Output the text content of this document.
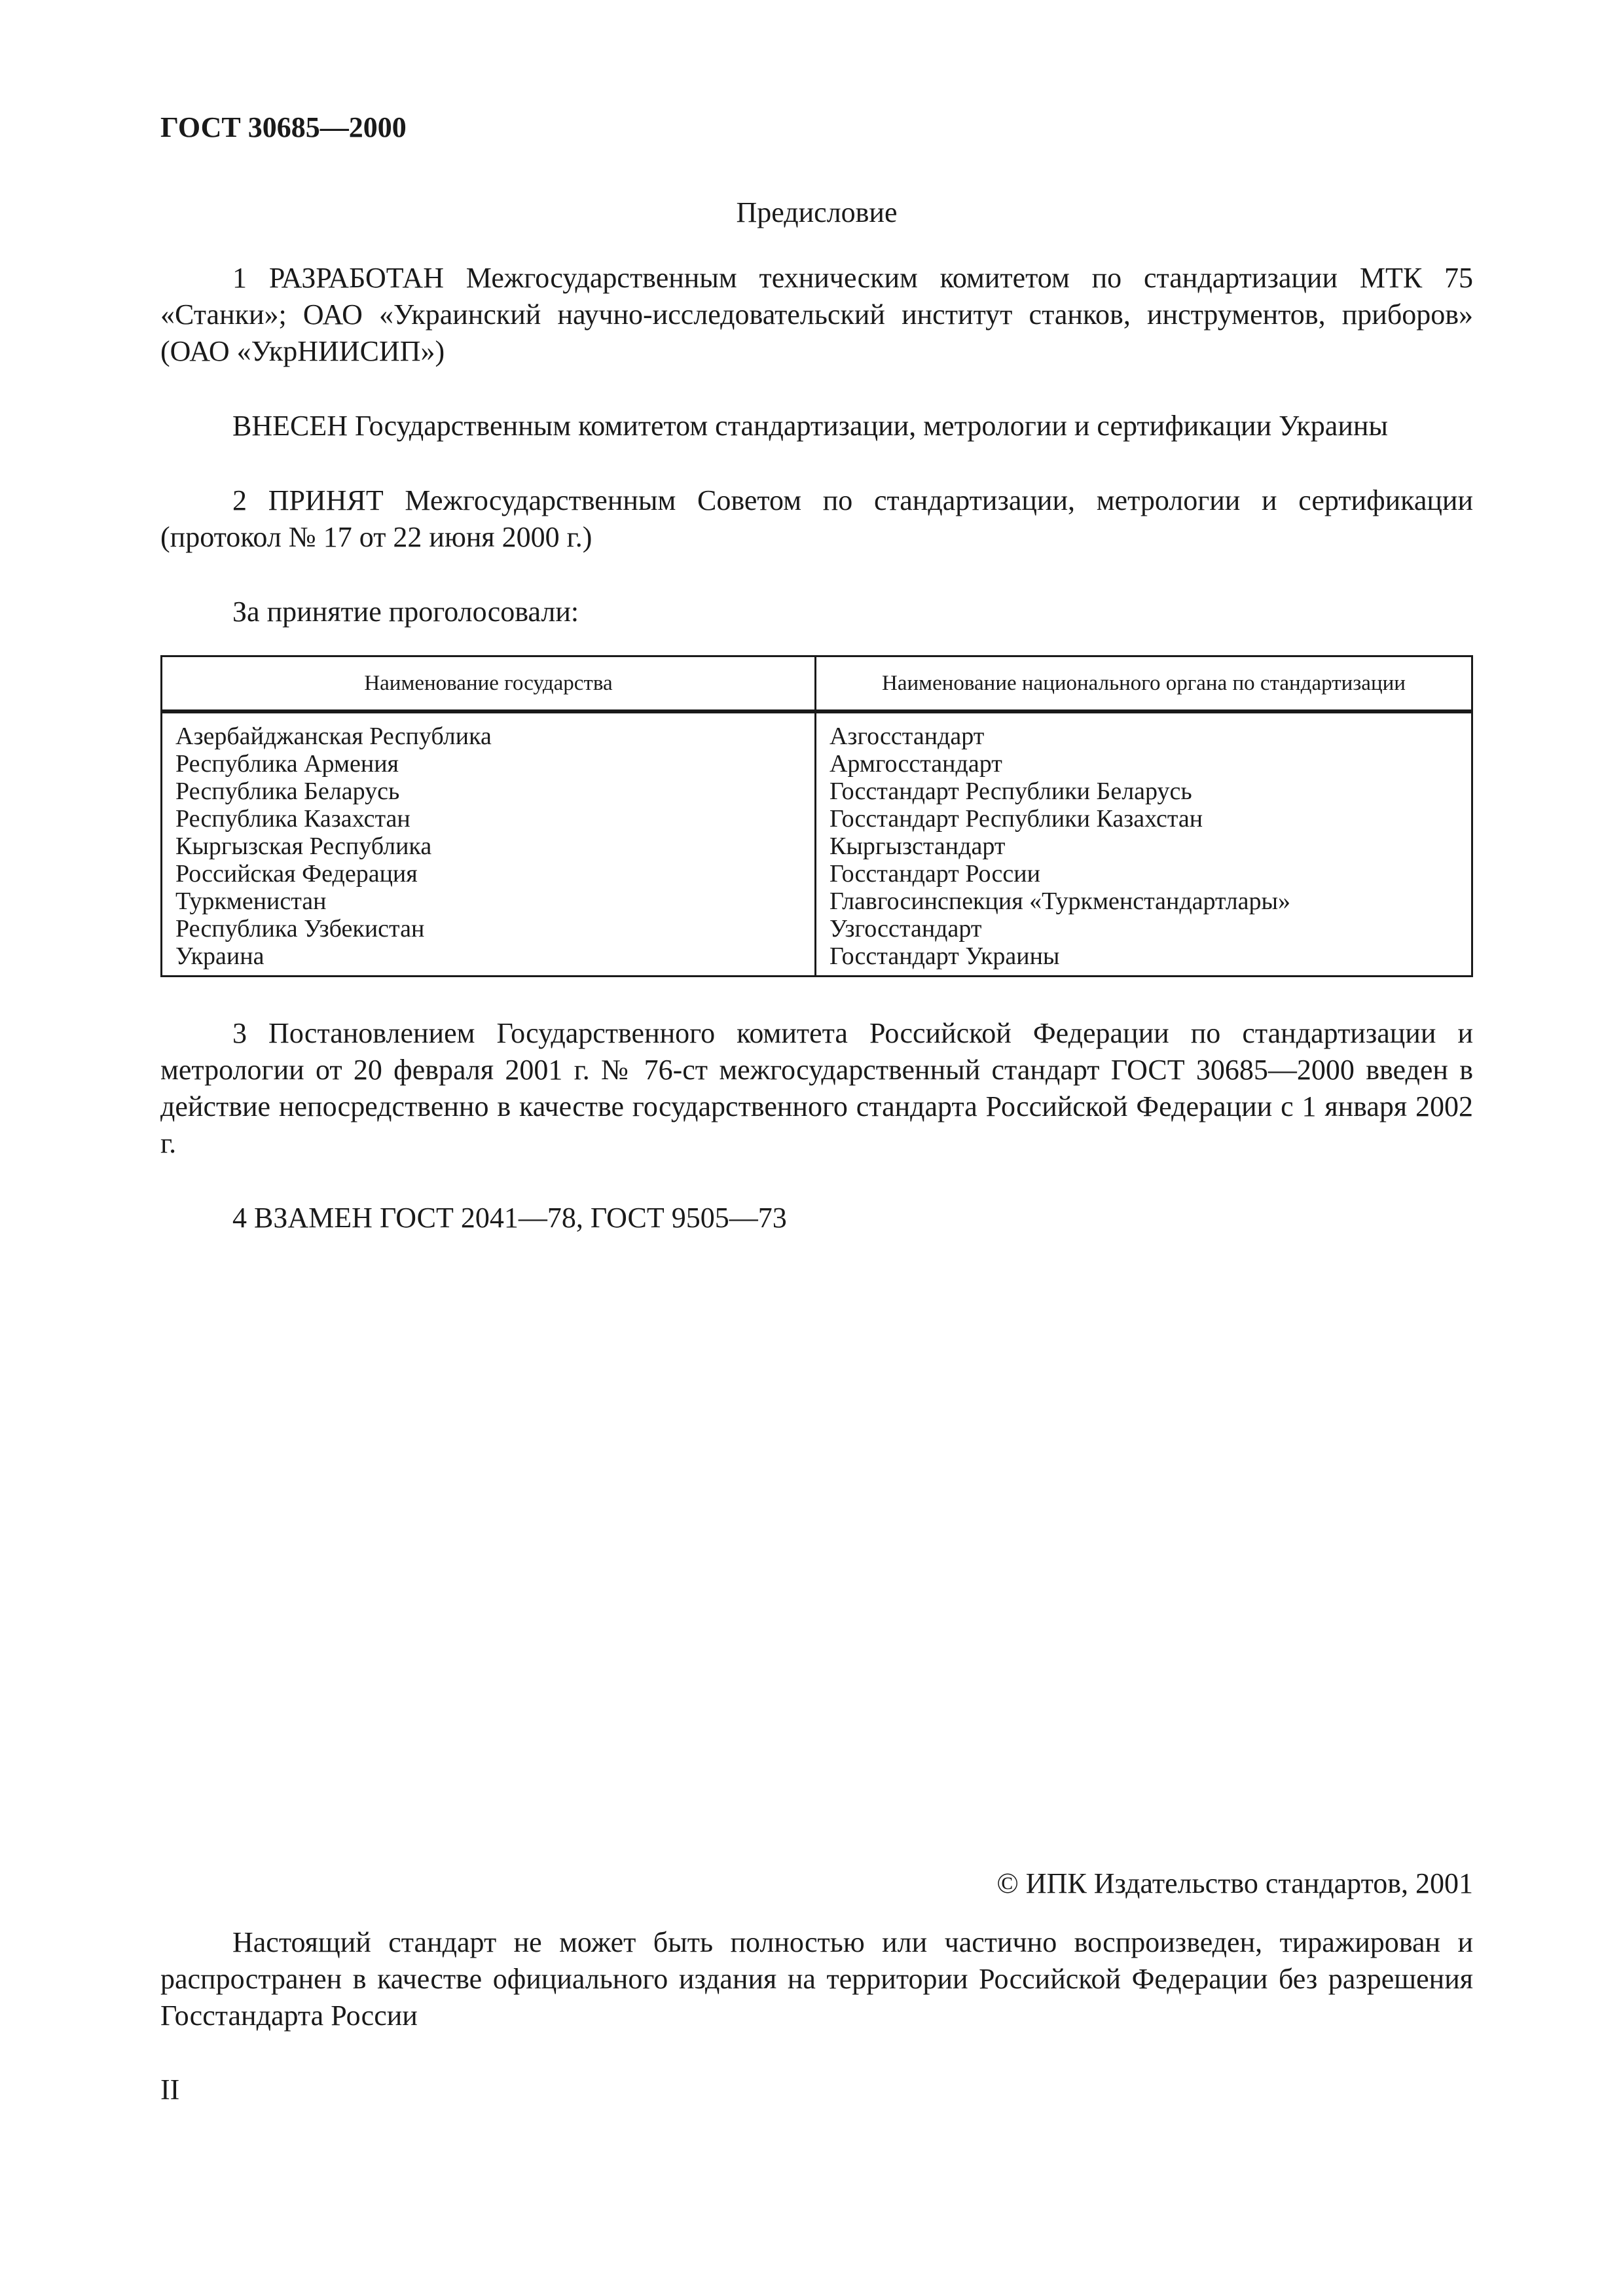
ГОСТ 30685—2000
Предисловие

1 РАЗРАБОТАН Межгосударственным техническим комитетом по стандартизации МТК 75 «Станки»; ОАО «Украинский научно-исследовательский институт станков, инструментов, приборов» (ОАО «УкрНИИСИП»)

ВНЕСЕН Государственным комитетом стандартизации, метрологии и сертификации Украины

2 ПРИНЯТ Межгосударственным Советом по стандартизации, метрологии и сертификации (протокол № 17 от 22 июня 2000 г.)

За принятие проголосовали:

Наименование государства	Наименование национального органа по стандартизации
Азербайджанская Республика	Азгосстандарт
Республика Армения	Армгосстандарт
Республика Беларусь	Госстандарт Республики Беларусь
Республика Казахстан	Госстандарт Республики Казахстан
Кыргызская Республика	Кыргызстандарт
Российская Федерация	Госстандарт России
Туркменистан	Главгосинспекция «Туркменстандартлары»
Республика Узбекистан	Узгосстандарт
Украина	Госстандарт Украины

3 Постановлением Государственного комитета Российской Федерации по стандартизации и метрологии от 20 февраля 2001 г. № 76-ст межгосударственный стандарт ГОСТ 30685—2000 введен в действие непосредственно в качестве государственного стандарта Российской Федерации с 1 января 2002 г.

4 ВЗАМЕН ГОСТ 2041—78, ГОСТ 9505—73

© ИПК Издательство стандартов, 2001

Настоящий стандарт не может быть полностью или частично воспроизведен, тиражирован и распространен в качестве официального издания на территории Российской Федерации без разрешения Госстандарта России

II
